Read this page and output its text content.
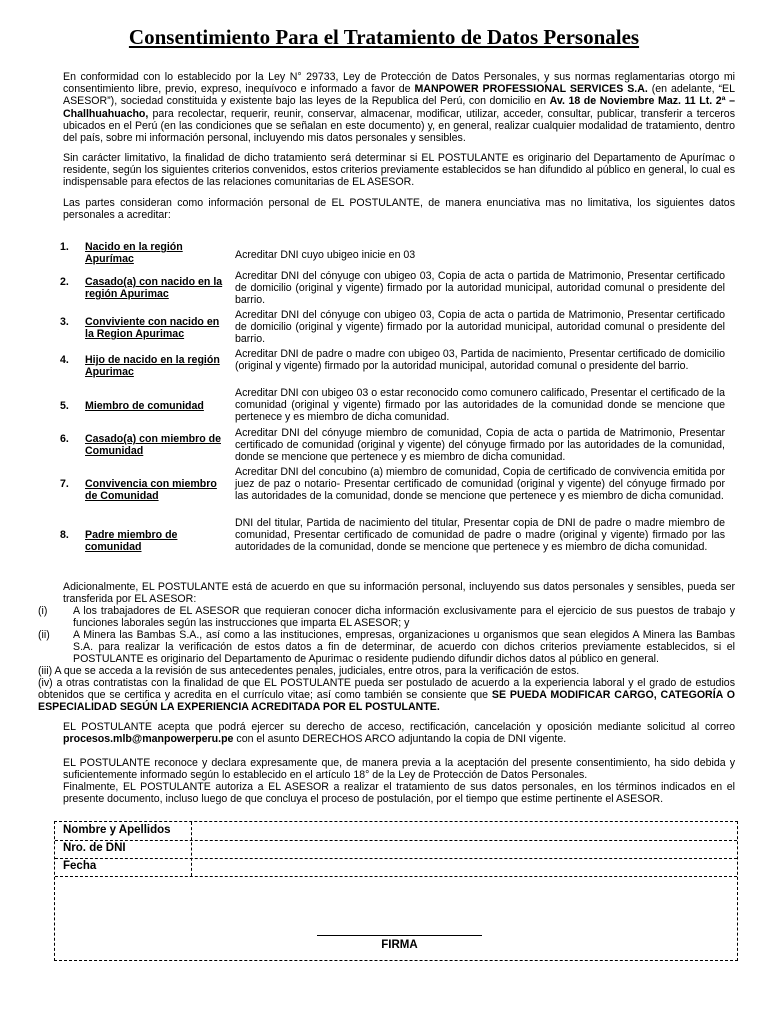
Consentimiento Para el Tratamiento de Datos Personales

En conformidad con lo establecido por la Ley N° 29733, Ley de Protección de Datos Personales, y sus normas reglamentarias otorgo mi consentimiento libre, previo, expreso, inequívoco e informado a favor de MANPOWER PROFESSIONAL SERVICES S.A. (en adelante, “EL ASESOR”), sociedad constituida y existente bajo las leyes de la Republica del Perú, con domicilio en Av. 18 de Noviembre Maz. 11 Lt. 2ª – Challhuahuacho, para recolectar, requerir, reunir, conservar, almacenar, modificar, utilizar, acceder, consultar, publicar, transferir a terceros ubicados en el Perú (en las condiciones que se señalan en este documento) y, en general, realizar cualquier modalidad de tratamiento, dentro del país, sobre mi información personal, incluyendo mis datos personales y sensibles.

Sin carácter limitativo, la finalidad de dicho tratamiento será determinar si EL POSTULANTE es originario del Departamento de Apurímac o residente, según los siguientes criterios convenidos, estos criterios previamente establecidos se han difundido al público en general, lo cual es indispensable para efectos de las relaciones comunitarias de EL ASESOR.

Las partes consideran como información personal de EL POSTULANTE, de manera enunciativa mas no limitativa, los siguientes datos personales a acreditar:

1. Nacido en la región Apurímac	Acreditar DNI cuyo ubigeo inicie en 03
2. Casado(a) con nacido en la región Apurimac
Acreditar DNI del cónyuge con ubigeo 03, Copia de acta o partida de Matrimonio, Presentar certificado de domicilio (original y vigente) firmado por la autoridad municipal, autoridad comunal o presidente del barrio.
3. Conviviente con nacido en la Region Apurimac
Acreditar DNI del cónyuge con ubigeo 03, Copia de acta o partida de Matrimonio, Presentar certificado de domicilio (original y vigente) firmado por la autoridad municipal, autoridad comunal o presidente del barrio.
4. Hijo de nacido en la región Apurimac
Acreditar DNI de padre o madre con ubigeo 03, Partida de nacimiento, Presentar certificado de domicilio (original y vigente) firmado por la autoridad municipal, autoridad comunal o presidente del barrio.
5. Miembro de comunidad
Acreditar DNI con ubigeo 03 o estar reconocido como comunero calificado, Presentar el certificado de la comunidad (original y vigente) firmado por las autoridades de la comunidad donde se mencione que pertenece y es miembro de dicha comunidad.
6. Casado(a) con miembro de Comunidad
Acreditar DNI del cónyuge miembro de comunidad, Copia de acta o partida de Matrimonio, Presentar certificado de comunidad (original y vigente) del cónyuge firmado por las autoridades de la comunidad, donde se mencione que pertenece y es miembro de dicha comunidad.
7. Convivencia con miembro de Comunidad
Acreditar DNI del concubino (a) miembro de comunidad, Copia de certificado de convivencia emitida por juez de paz o notario- Presentar certificado de comunidad (original y vigente) del cónyuge firmado por las autoridades de la comunidad, donde se mencione que pertenece y es miembro de dicha comunidad.
8. Padre miembro de comunidad
DNI del titular, Partida de nacimiento del titular, Presentar copia de DNI de padre o madre miembro de comunidad, Presentar certificado de comunidad de padre o madre (original y vigente) firmado por las autoridades de la comunidad, donde se mencione que pertenece y es miembro de dicha comunidad.

Adicionalmente, EL POSTULANTE está de acuerdo en que su información personal, incluyendo sus datos personales y sensibles, pueda ser transferida por EL ASESOR:

(i) A los trabajadores de EL ASESOR que requieran conocer dicha información exclusivamente para el ejercicio de sus puestos de trabajo y funciones laborales según las instrucciones que imparta EL ASESOR; y
(ii) A Minera las Bambas S.A., así como a las instituciones, empresas, organizaciones u organismos que sean elegidos A Minera las Bambas S.A. para realizar la verificación de estos datos a fin de determinar, de acuerdo con dichos criterios previamente establecidos, si el POSTULANTE es originario del Departamento de Apurimac o residente pudiendo difundir dichos datos al público en general.
(iii) A que se acceda a la revisión de sus antecedentes penales, judiciales, entre otros, para la verificación de estos.
(iv) a otras contratistas con la finalidad de que EL POSTULANTE pueda ser postulado de acuerdo a la experiencia laboral y el grado de estudios obtenidos que se certifica y acredita en el currículo vitae; así como también se consiente que SE PUEDA MODIFICAR CARGO, CATEGORÍA O ESPECIALIDAD SEGÚN LA EXPERIENCIA ACREDITADA POR EL POSTULANTE.

EL POSTULANTE acepta que podrá ejercer su derecho de acceso, rectificación, cancelación y oposición mediante solicitud al correo procesos.mlb@manpowerperu.pe con el asunto DERECHOS ARCO adjuntando la copia de DNI vigente.

EL POSTULANTE reconoce y declara expresamente que, de manera previa a la aceptación del presente consentimiento, ha sido debida y suficientemente informado según lo establecido en el artículo 18° de la Ley de Protección de Datos Personales.

Finalmente, EL POSTULANTE autoriza a EL ASESOR a realizar el tratamiento de sus datos personales, en los términos indicados en el presente documento, incluso luego de que concluya el proceso de postulación, por el tiempo que estime pertinente el ASESOR.

Nombre y Apellidos
Nro. de DNI
Fecha
FIRMA
